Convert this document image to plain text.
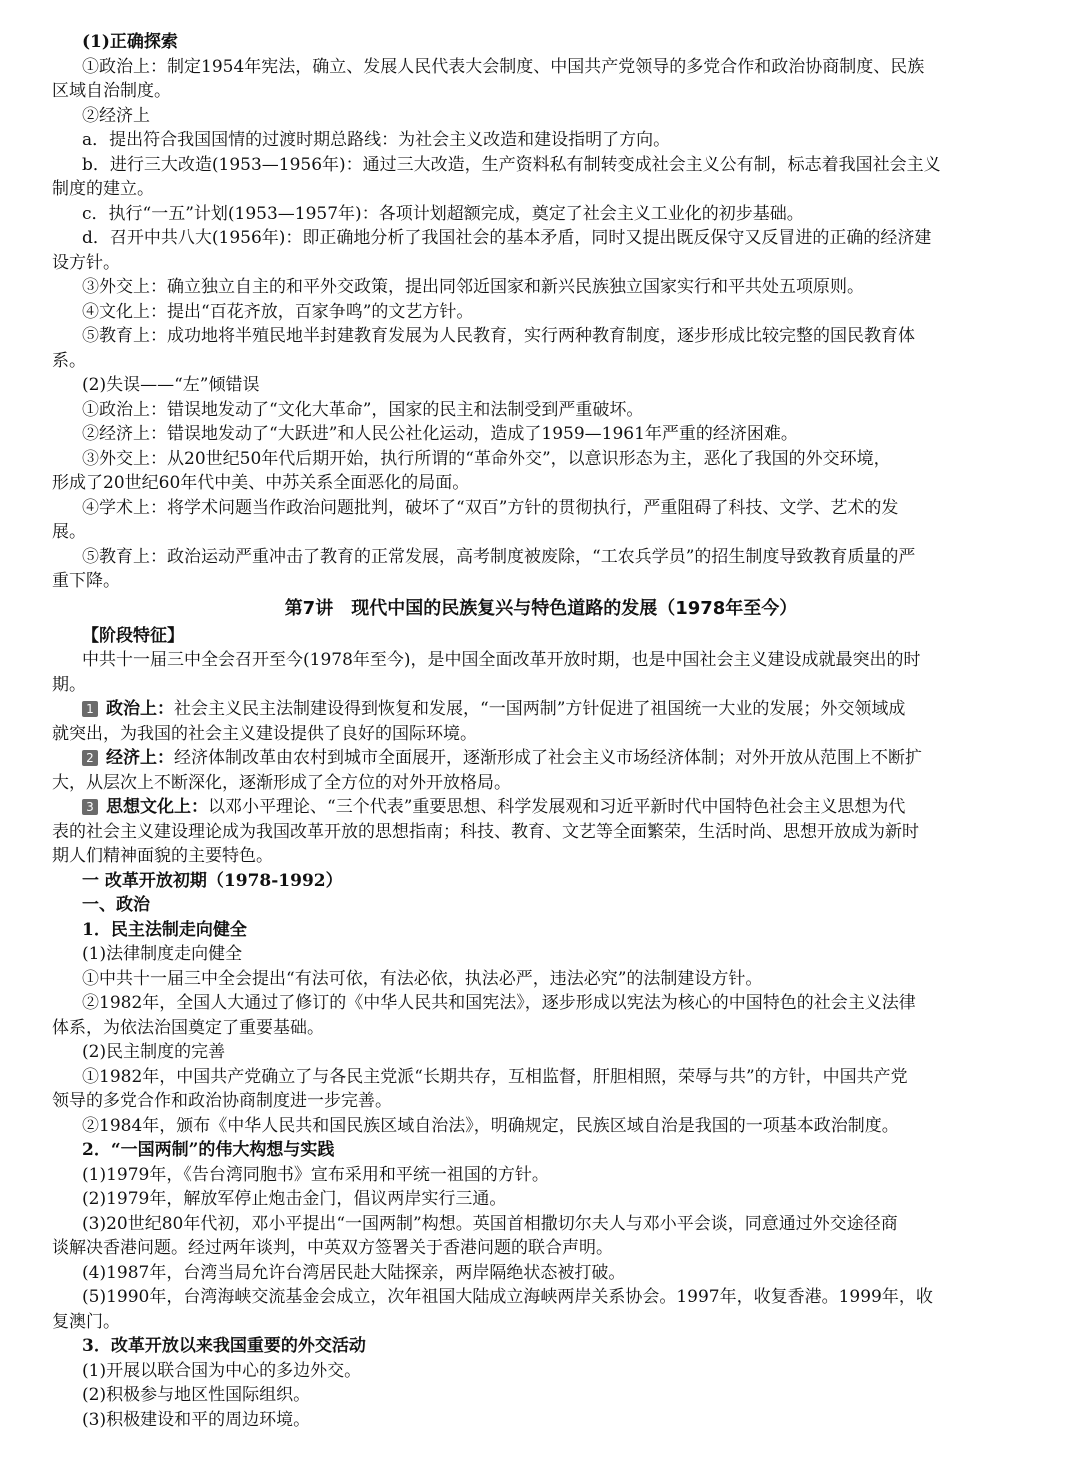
(1)正确探索

①政治上：制定1954年宪法，确立、发展人民代表大会制度、中国共产党领导的多党合作和政治协商制度、民族

区域自治制度。

②经济上

a．提出符合我国国情的过渡时期总路线：为社会主义改造和建设指明了方向。

b．进行三大改造(1953—1956年)：通过三大改造，生产资料私有制转变成社会主义公有制，标志着我国社会主义

制度的建立。

c．执行“一五”计划(1953—1957年)：各项计划超额完成，奠定了社会主义工业化的初步基础。

d．召开中共八大(1956年)：即正确地分析了我国社会的基本矛盾，同时又提出既反保守又反冒进的正确的经济建

设方针。

③外交上：确立独立自主的和平外交政策，提出同邻近国家和新兴民族独立国家实行和平共处五项原则。

④文化上：提出“百花齐放，百家争鸣”的文艺方针。

⑤教育上：成功地将半殖民地半封建教育发展为人民教育，实行两种教育制度，逐步形成比较完整的国民教育体

系。

(2)失误——“左”倾错误

①政治上：错误地发动了“文化大革命”，国家的民主和法制受到严重破坏。

②经济上：错误地发动了“大跃进”和人民公社化运动，造成了1959—1961年严重的经济困难。

③外交上：从20世纪50年代后期开始，执行所谓的“革命外交”，以意识形态为主，恶化了我国的外交环境，

形成了20世纪60年代中美、中苏关系全面恶化的局面。

④学术上：将学术问题当作政治问题批判，破坏了“双百”方针的贯彻执行，严重阻碍了科技、文学、艺术的发

展。

⑤教育上：政治运动严重冲击了教育的正常发展，高考制度被废除，“工农兵学员”的招生制度导致教育质量的严

重下降。

第7讲　现代中国的民族复兴与特色道路的发展（1978年至今）

【阶段特征】

中共十一届三中全会召开至今(1978年至今)，是中国全面改革开放时期，也是中国社会主义建设成就最突出的时

期。

1 政治上：社会主义民主法制建设得到恢复和发展，“一国两制”方针促进了祖国统一大业的发展；外交领域成

就突出，为我国的社会主义建设提供了良好的国际环境。

2 经济上：经济体制改革由农村到城市全面展开，逐渐形成了社会主义市场经济体制；对外开放从范围上不断扩

大，从层次上不断深化，逐渐形成了全方位的对外开放格局。

3 思想文化上：以邓小平理论、“三个代表”重要思想、科学发展观和习近平新时代中国特色社会主义思想为代

表的社会主义建设理论成为我国改革开放的思想指南；科技、教育、文艺等全面繁荣，生活时尚、思想开放成为新时

期人们精神面貌的主要特色。

一 改革开放初期（1978-1992）

一、政治

1．民主法制走向健全

(1)法律制度走向健全

①中共十一届三中全会提出“有法可依，有法必依，执法必严，违法必究”的法制建设方针。

②1982年，全国人大通过了修订的《中华人民共和国宪法》，逐步形成以宪法为核心的中国特色的社会主义法律

体系，为依法治国奠定了重要基础。

(2)民主制度的完善

①1982年，中国共产党确立了与各民主党派“长期共存，互相监督，肝胆相照，荣辱与共”的方针，中国共产党

领导的多党合作和政治协商制度进一步完善。

②1984年，颁布《中华人民共和国民族区域自治法》，明确规定，民族区域自治是我国的一项基本政治制度。

2．“一国两制”的伟大构想与实践

(1)1979年，《告台湾同胞书》宣布采用和平统一祖国的方针。

(2)1979年，解放军停止炮击金门，倡议两岸实行三通。

(3)20世纪80年代初，邓小平提出“一国两制”构想。英国首相撒切尔夫人与邓小平会谈，同意通过外交途径商

谈解决香港问题。经过两年谈判，中英双方签署关于香港问题的联合声明。

(4)1987年，台湾当局允许台湾居民赴大陆探亲，两岸隔绝状态被打破。

(5)1990年，台湾海峡交流基金会成立，次年祖国大陆成立海峡两岸关系协会。1997年，收复香港。1999年，收

复澳门。

3．改革开放以来我国重要的外交活动

(1)开展以联合国为中心的多边外交。

(2)积极参与地区性国际组织。

(3)积极建设和平的周边环境。
